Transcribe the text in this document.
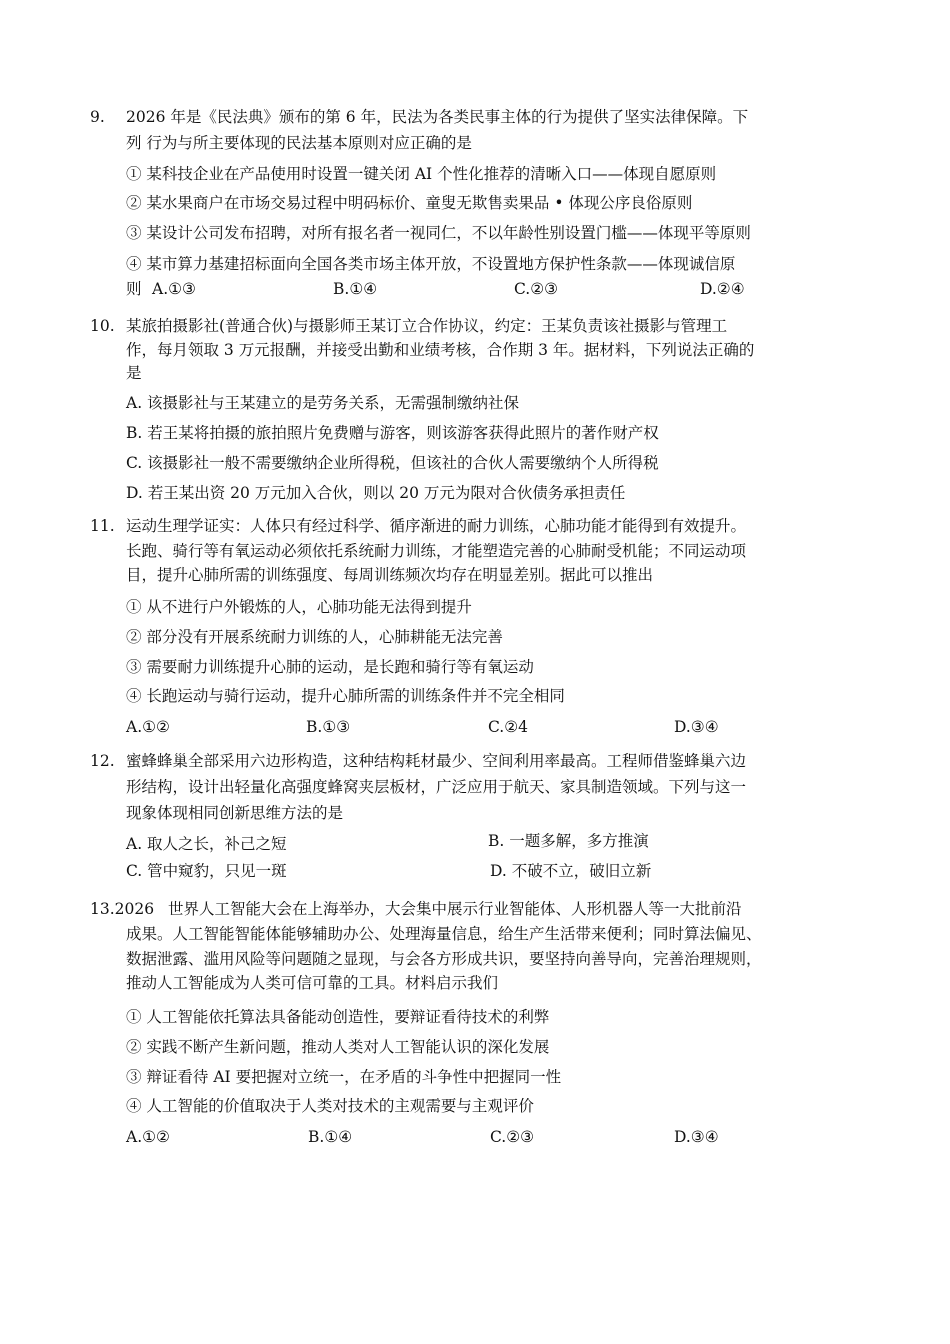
9. 2026 年是《民法典》颁布的第 6 年，民法为各类民事主体的行为提供了坚实法律保障。下
列 行为与所主要体现的民法基本原则对应正确的是
① 某科技企业在产品使用时设置一键关闭 AI 个性化推荐的清晰入口——体现自愿原则
② 某水果商户在市场交易过程中明码标价、童叟无欺售卖果品 • 体现公序良俗原则
③ 某设计公司发布招聘，对所有报名者一视同仁，不以年龄性别设置门槛——体现平等原则
④ 某市算力基建招标面向全国各类市场主体开放，不设置地方保护性条款——体现诚信原
则 A.①③	B.①④	C.②③	D.②④
10. 某旅拍摄影社(普通合伙)与摄影师王某订立合作协议，约定：王某负责该社摄影与管理工
作，每月领取 3 万元报酬，并接受出勤和业绩考核，合作期 3 年。据材料，下列说法正确的
是
A. 该摄影社与王某建立的是劳务关系，无需强制缴纳社保
B. 若王某将拍摄的旅拍照片免费赠与游客，则该游客获得此照片的著作财产权
C. 该摄影社一般不需要缴纳企业所得税，但该社的合伙人需要缴纳个人所得税
D. 若王某出资 20 万元加入合伙，则以 20 万元为限对合伙债务承担责任
11. 运动生理学证实：人体只有经过科学、循序渐进的耐力训练，心肺功能才能得到有效提升。
长跑、骑行等有氧运动必须依托系统耐力训练，才能塑造完善的心肺耐受机能；不同运动项
目，提升心肺所需的训练强度、每周训练频次均存在明显差别。据此可以推出
① 从不进行户外锻炼的人，心肺功能无法得到提升
② 部分没有开展系统耐力训练的人，心肺耕能无法完善
③ 需要耐力训练提升心肺的运动，是长跑和骑行等有氧运动
④ 长跑运动与骑行运动，提升心肺所需的训练条件并不完全相同
A.①②	B.①③	C.②4	D.③④
12. 蜜蜂蜂巢全部采用六边形构造，这种结构耗材最少、空间利用率最高。工程师借鉴蜂巢六边
形结构，设计出轻量化高强度蜂窝夹层板材，广泛应用于航天、家具制造领域。下列与这一
现象体现相同创新思维方法的是
A. 取人之长，补己之短	B. 一题多解，多方推演
C. 管中窥豹，只见一斑	D. 不破不立，破旧立新
13.2026 世界人工智能大会在上海举办，大会集中展示行业智能体、人形机器人等一大批前沿
成果。人工智能智能体能够辅助办公、处理海量信息，给生产生活带来便利；同时算法偏见、
数据泄露、滥用风险等问题随之显现，与会各方形成共识，要坚持向善导向，完善治理规则，
推动人工智能成为人类可信可靠的工具。材料启示我们
① 人工智能依托算法具备能动创造性，要辩证看待技术的利弊
② 实践不断产生新问题，推动人类对人工智能认识的深化发展
③ 辩证看待 AI 要把握对立统一，在矛盾的斗争性中把握同一性
④ 人工智能的价值取决于人类对技术的主观需要与主观评价
A.①②	B.①④	C.②③	D.③④
